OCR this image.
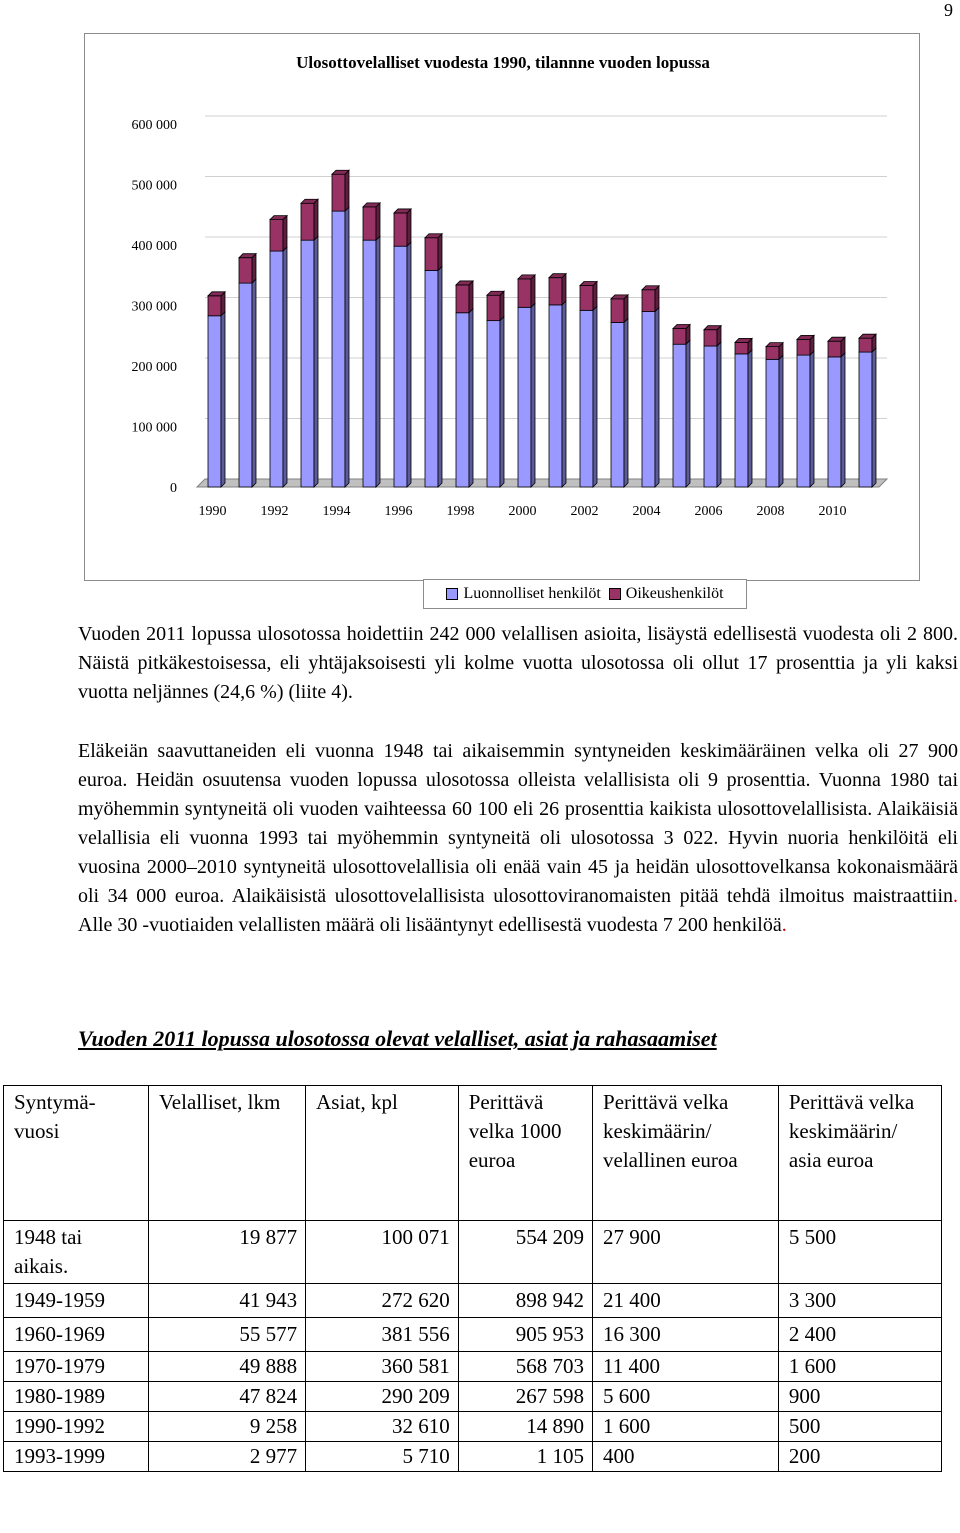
9
Ulosottovelalliset vuodesta 1990, tilannne vuoden lopussa
0
100 000
200 000
300 000
400 000
500 000
600 000
1990 1992 1994 1996 1998 2000 2002 2004 2006 2008 2010
Luonnolliset henkilöt Oikeushenkilöt

Vuoden 2011 lopussa ulosotossa hoidettiin 242 000 velallisen asioita, lisäystä edellisestä vuodesta oli 2 800. Näistä pitkäkestoisessa, eli yhtäjaksoisesti yli kolme vuotta ulosotossa oli ollut 17 prosenttia ja yli kaksi vuotta neljännes (24,6 %) (liite 4).

Eläkeiän saavuttaneiden eli vuonna 1948 tai aikaisemmin syntyneiden keskimääräinen velka oli 27 900 euroa. Heidän osuutensa vuoden lopussa ulosotossa olleista velallisista oli 9 prosenttia. Vuonna 1980 tai myöhemmin syntyneitä oli vuoden vaihteessa 60 100 eli 26 prosenttia kaikista ulosottovelallisista. Alaikäisiä velallisia eli vuonna 1993 tai myöhemmin syntyneitä oli ulosotossa 3 022. Hyvin nuoria henkilöitä eli vuosina 2000–2010 syntyneitä ulosottovelallisia oli enää vain 45 ja heidän ulosottovelkansa kokonaismäärä oli 34 000 euroa. Alaikäisistä ulosottovelallisista ulosottoviranomaisten pitää tehdä ilmoitus maistraattiin. Alle 30 -vuotiaiden velallisten määrä oli lisääntynyt edellisestä vuodesta 7 200 henkilöä.

Vuoden 2011 lopussa ulosotossa olevat velalliset, asiat ja rahasaamiset
Syntymä-vuosi	Velalliset, lkm	Asiat, kpl	Perittävä velka 1000 euroa	Perittävä velka keskimäärin/ velallinen euroa	Perittävä velka keskimäärin/ asia euroa
1948 tai aikais.	19 877	100 071	554 209	27 900	5 500
1949-1959	41 943	272 620	898 942	21 400	3 300
1960-1969	55 577	381 556	905 953	16 300	2 400
1970-1979	49 888	360 581	568 703	11 400	1 600
1980-1989	47 824	290 209	267 598	5 600	900
1990-1992	9 258	32 610	14 890	1 600	500
1993-1999	2 977	5 710	1 105	400	200
